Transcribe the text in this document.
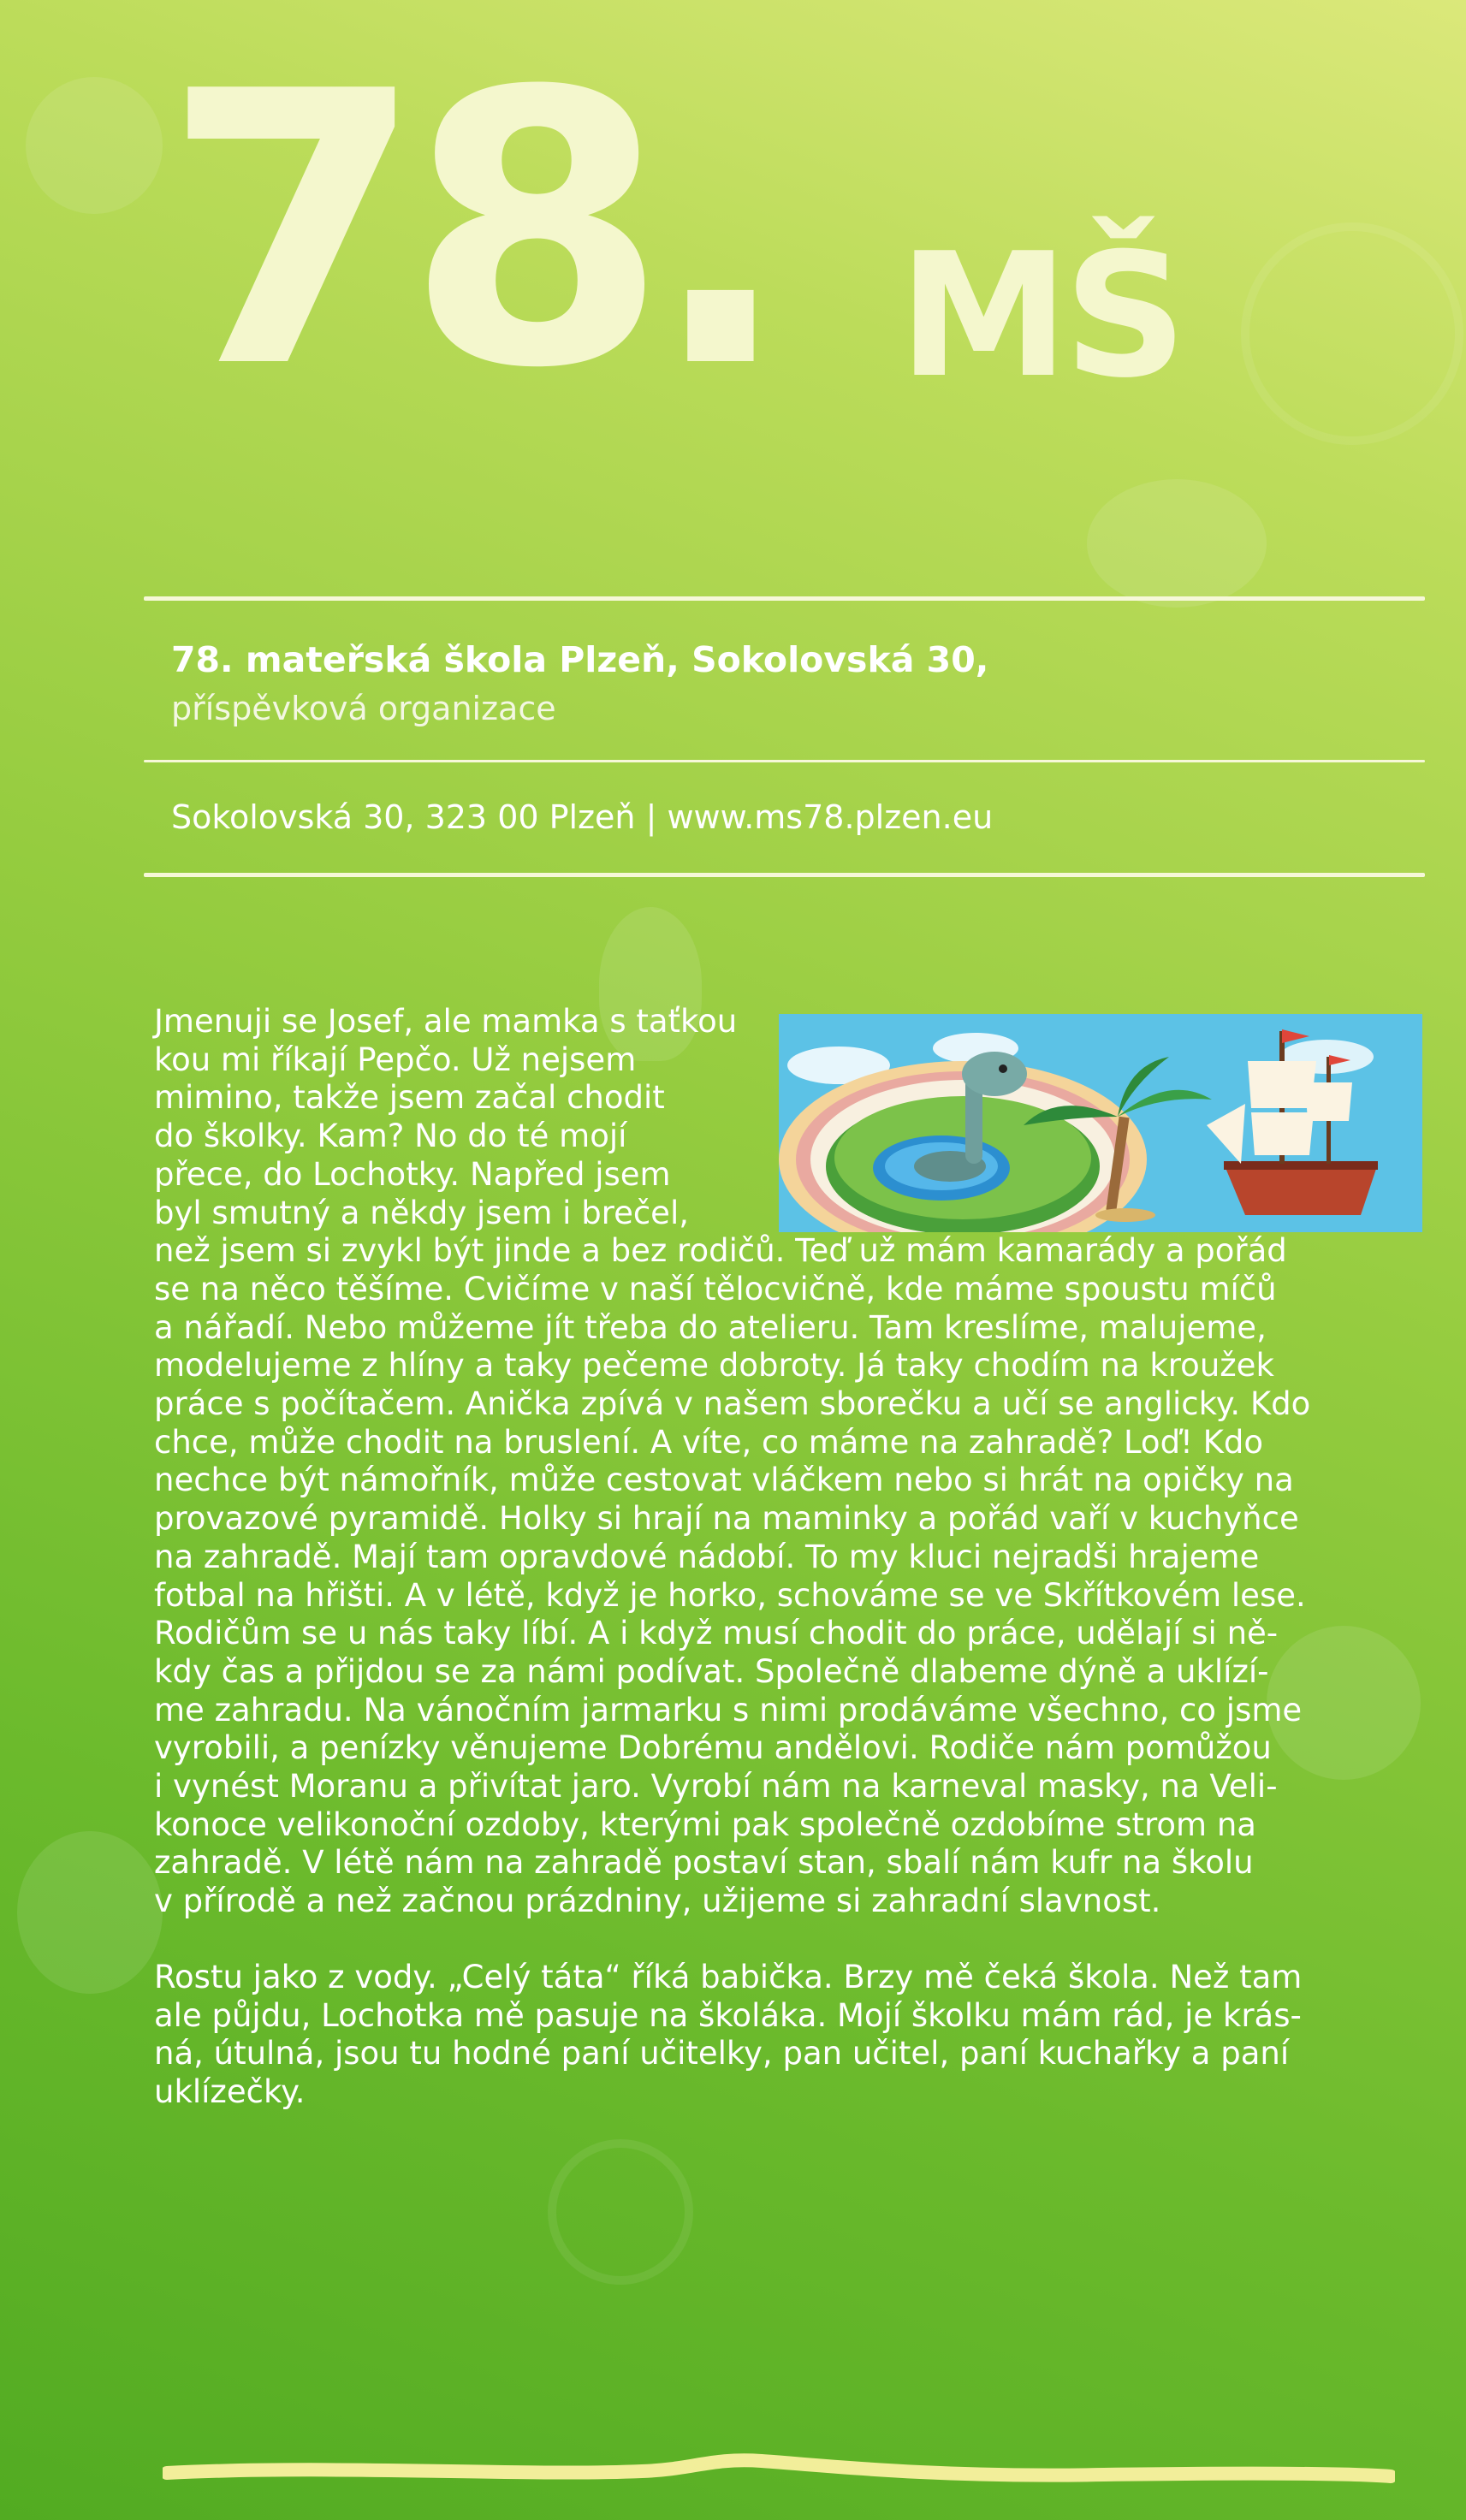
78. MŠ
78. mateřská škola Plzeň, Sokolovská 30,
příspěvková organizace
Sokolovská 30, 323 00 Plzeň | www.ms78.plzen.eu

Jmenuji se Josef, ale mamka s taťkou

kou mi říkají Pepčo. Už nejsem

mimino, takže jsem začal chodit

do školky. Kam? No do té mojí

přece, do Lochotky. Napřed jsem

byl smutný a někdy jsem i brečel,

než jsem si zvykl být jinde a bez rodičů. Teď už mám kamarády a pořád

se na něco těšíme. Cvičíme v naší tělocvičně, kde máme spoustu míčů

a nářadí. Nebo můžeme jít třeba do atelieru. Tam kreslíme, malujeme,

modelujeme z hlíny a taky pečeme dobroty. Já taky chodím na kroužek

práce s počítačem. Anička zpívá v našem sborečku a učí se anglicky. Kdo

chce, může chodit na bruslení. A víte, co máme na zahradě? Loď! Kdo

nechce být námořník, může cestovat vláčkem nebo si hrát na opičky na

provazové pyramidě. Holky si hrají na maminky a pořád vaří v kuchyňce

na zahradě. Mají tam opravdové nádobí. To my kluci nejradši hrajeme

fotbal na hřišti. A v létě, když je horko, schováme se ve Skřítkovém lese.

Rodičům se u nás taky líbí. A i když musí chodit do práce, udělají si ně-

kdy čas a přijdou se za námi podívat. Společně dlabeme dýně a uklízí-

me zahradu. Na vánočním jarmarku s nimi prodáváme všechno, co jsme

vyrobili, a penízky věnujeme Dobrému andělovi. Rodiče nám pomůžou

i vynést Moranu a přivítat jaro. Vyrobí nám na karneval masky, na Veli-

konoce velikonoční ozdoby, kterými pak společně ozdobíme strom na

zahradě. V létě nám na zahradě postaví stan, sbalí nám kufr na školu

v přírodě a než začnou prázdniny, užijeme si zahradní slavnost.

Rostu jako z vody. „Celý táta“ říká babička. Brzy mě čeká škola. Než tam

ale půjdu, Lochotka mě pasuje na školáka. Mojí školku mám rád, je krás-

ná, útulná, jsou tu hodné paní učitelky, pan učitel, paní kuchařky a paní

uklízečky.
